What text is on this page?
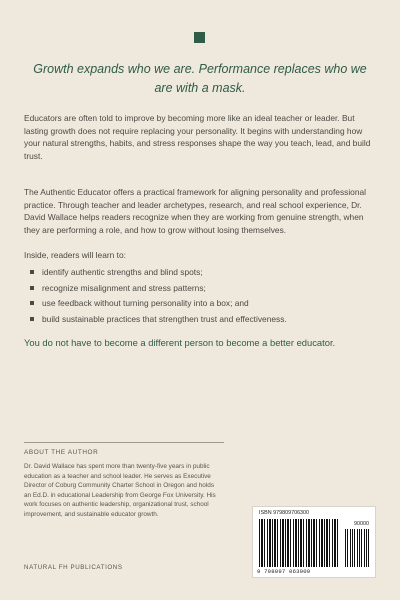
Growth expands who we are. Performance replaces who we are with a mask.

Educators are often told to improve by becoming more like an ideal teacher or leader. But lasting growth does not require replacing your personality. It begins with understanding how your natural strengths, habits, and stress responses shape the way you teach, lead, and build trust.

The Authentic Educator offers a practical framework for aligning personality and professional practice. Through teacher and leader archetypes, research, and real school experience, Dr. David Wallace helps readers recognize when they are working from genuine strength, when they are performing a role, and how to grow without losing themselves.

Inside, readers will learn to:

identify authentic strengths and blind spots;
recognize misalignment and stress patterns;
use feedback without turning personality into a box; and
build sustainable practices that strengthen trust and effectiveness.

You do not have to become a different person to become a better educator.

ABOUT THE AUTHOR

Dr. David Wallace has spent more than twenty-five years in public education as a teacher and school leader. He serves as Executive Director of Coburg Community Charter School in Oregon and holds an Ed.D. in educational Leadership from George Fox University. His work focuses on authentic leadership, organizational trust, school improvement, and sustainable educator growth.

NATURAL FH PUBLICATIONS
ISBN 979809706300
90000
9 798097 063009
